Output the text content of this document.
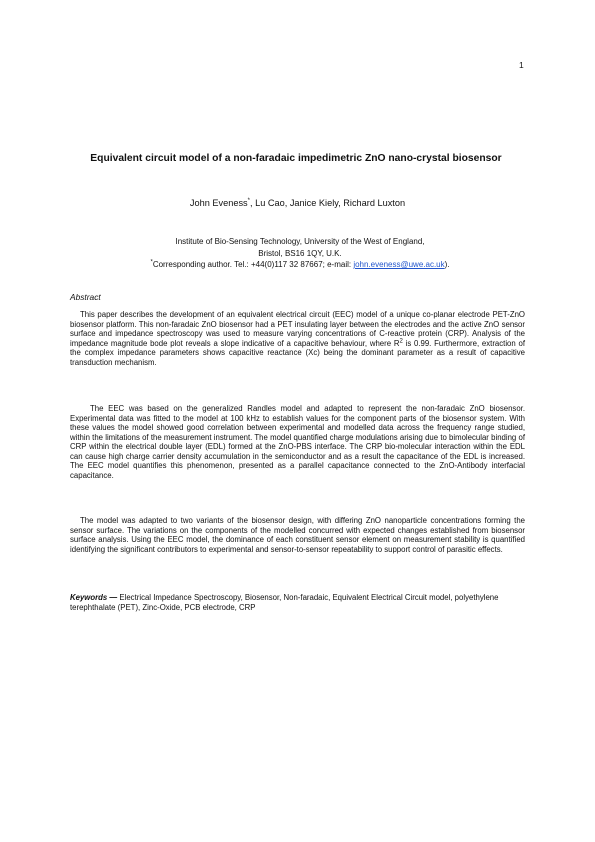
1
Equivalent circuit model of a non-faradaic impedimetric ZnO nano-crystal biosensor

John Eveness*, Lu Cao, Janice Kiely, Richard Luxton

Institute of Bio-Sensing Technology, University of the West of England,
Bristol, BS16 1QY, U.K.
*Corresponding author. Tel.: +44(0)117 32 87667; e-mail: john.eveness@uwe.ac.uk).
Abstract

This paper describes the development of an equivalent electrical circuit (EEC) model of a unique co-planar electrode PET-ZnO biosensor platform. This non-faradaic ZnO biosensor had a PET insulating layer between the electrodes and the active ZnO sensor surface and impedance spectroscopy was used to measure varying concentrations of C-reactive protein (CRP). Analysis of the impedance magnitude bode plot reveals a slope indicative of a capacitive behaviour, where $R^2$ is 0.99. Furthermore, extraction of the complex impedance parameters shows capacitive reactance (Xc) being the dominant parameter as a result of capacitive transduction mechanism.

The EEC was based on the generalized Randles model and adapted to represent the non-faradaic ZnO biosensor. Experimental data was fitted to the model at 100 kHz to establish values for the component parts of the biosensor system. With these values the model showed good correlation between experimental and modelled data across the frequency range studied, within the limitations of the measurement instrument. The model quantified charge modulations arising due to bimolecular binding of CRP within the electrical double layer (EDL) formed at the ZnO-PBS interface. The CRP bio-molecular interaction within the EDL can cause high charge carrier density accumulation in the semiconductor and as a result the capacitance of the EDL is increased. The EEC model quantifies this phenomenon, presented as a parallel capacitance connected to the ZnO-Antibody interfacial capacitance.

The model was adapted to two variants of the biosensor design, with differing ZnO nanoparticle concentrations forming the sensor surface. The variations on the components of the modelled concurred with expected changes established from biosensor surface analysis. Using the EEC model, the dominance of each constituent sensor element on measurement stability is quantified identifying the significant contributors to experimental and sensor-to-sensor repeatability to support control of parasitic effects.

Keywords — Electrical Impedance Spectroscopy, Biosensor, Non-faradaic, Equivalent Electrical Circuit model, polyethylene terephthalate (PET), Zinc-Oxide, PCB electrode, CRP
